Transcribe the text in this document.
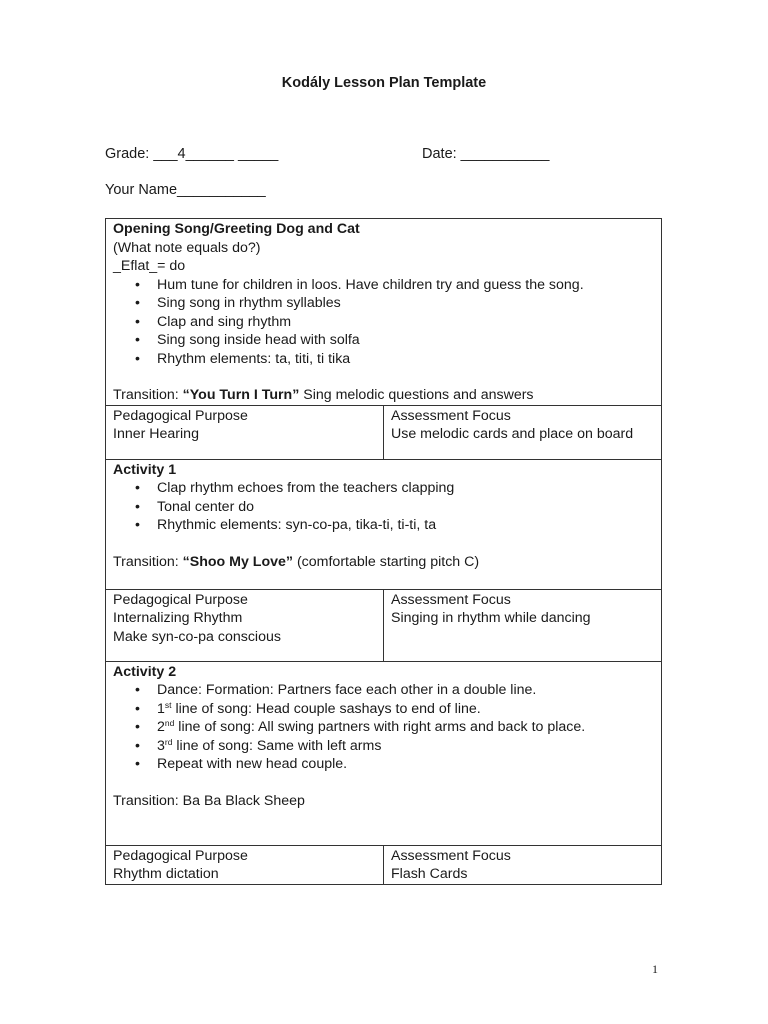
Kodály Lesson Plan Template
Grade: ___4______ _____	Date: ___________
Your Name___________
Opening Song/Greeting Dog and Cat
(What note equals do?)
_Eflat_= do
• Hum tune for children in loos. Have children try and guess the song.
• Sing song in rhythm syllables
• Clap and sing rhythm
• Sing song inside head with solfa
• Rhythm elements: ta, titi, ti tika
Transition: “You Turn I Turn” Sing melodic questions and answers

Pedagogical Purpose
Inner Hearing

Assessment Focus
Use melodic cards and place on board

Activity 1
• Clap rhythm echoes from the teachers clapping
• Tonal center do
• Rhythmic elements: syn-co-pa, tika-ti, ti-ti, ta
Transition: “Shoo My Love” (comfortable starting pitch C)

Pedagogical Purpose
Internalizing Rhythm
Make syn-co-pa conscious

Assessment Focus
Singing in rhythm while dancing

Activity 2
• Dance: Formation: Partners face each other in a double line.
• 1st line of song: Head couple sashays to end of line.
• 2nd line of song: All swing partners with right arms and back to place.
• 3rd line of song: Same with left arms
• Repeat with new head couple.
Transition: Ba Ba Black Sheep

Pedagogical Purpose
Rhythm dictation

Assessment Focus
Flash Cards
1
